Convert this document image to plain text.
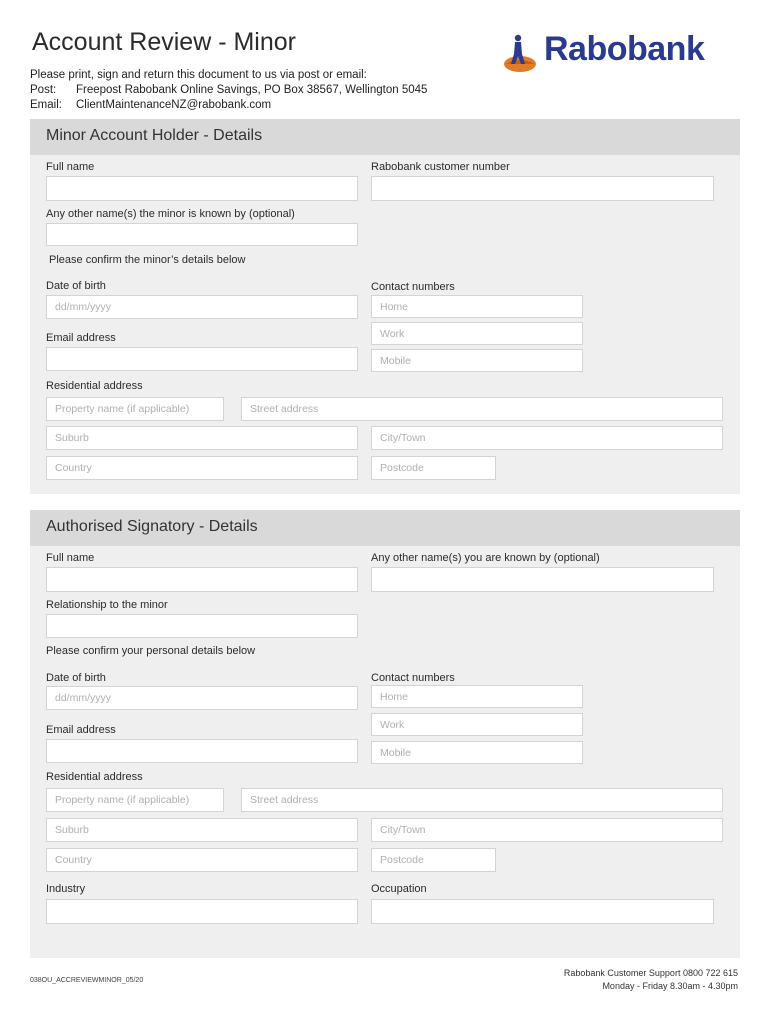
Account Review - Minor
Please print, sign and return this document to us via post or email:
Post: Freepost Rabobank Online Savings, PO Box 38567, Wellington 5045
Email: ClientMaintenanceNZ@rabobank.com
Rabobank
Minor Account Holder - Details
Full name	Rabobank customer number
Any other name(s) the minor is known by (optional)
Please confirm the minor’s details below
Date of birth
dd/mm/yyyy
Contact numbers
Home
Work
Mobile
Email address
Residential address
Property name (if applicable)	Street address
Suburb	City/Town
Country	Postcode
Authorised Signatory - Details
Full name	Any other name(s) you are known by (optional)
Relationship to the minor
Please confirm your personal details below
Date of birth
dd/mm/yyyy
Contact numbers
Home
Work
Mobile
Email address
Residential address
Property name (if applicable)	Street address
Suburb	City/Town
Country	Postcode
Industry	Occupation
038OU_ACCREVIEWMINOR_05/20
Rabobank Customer Support 0800 722 615
Monday - Friday 8.30am - 4.30pm
